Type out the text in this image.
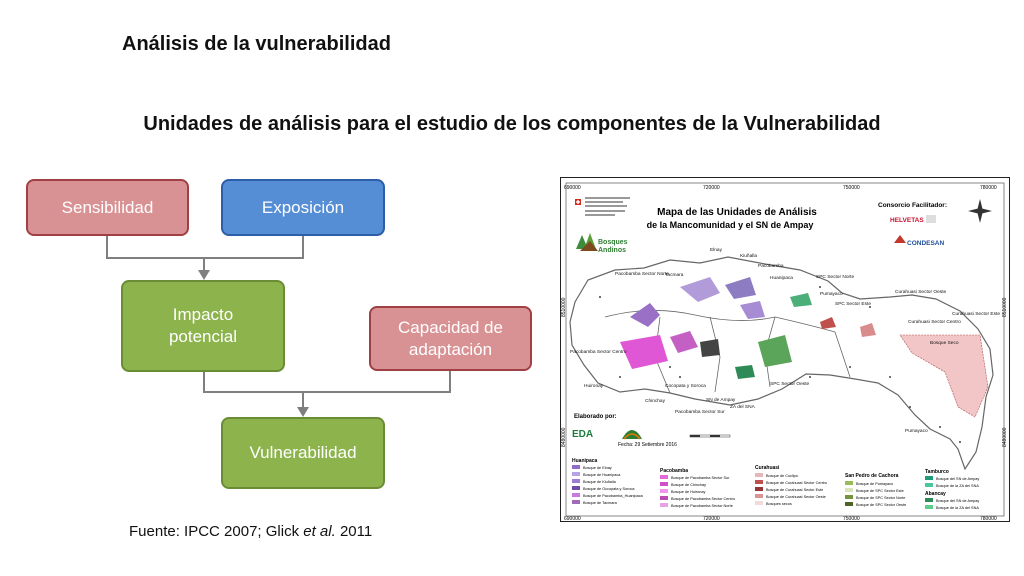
Análisis de la vulnerabilidad
Unidades de análisis para el estudio de los componentes de la Vulnerabilidad
Sensibilidad	Exposición
Impacto
potencial	Capacidad de
adaptación
Vulnerabilidad
Fuente: IPCC 2007; Glick et al. 2011
690000	720000	750000	780000
690000	720000	750000	780000
8510000
8480000
8510000
8480000
Bosques
Andinos
Mapa de las Unidades de Análisis
de la Mancomunidad y el SN de Ampay
Consorcio Facilitador:
HELVETAS
CONDESAN
Elnay
Kiuñalla
Pacobamba
Huanipaca
Tacmara
Pacobamba Sector Norte
SPC Sector Norte
Pumayaco
SPC Sector Este
Curahuasi Sector Oeste
Curahuasi Sector Este
Curahuasi Sector Centro
Bosque Seco
Pacobamba Sector Centro
Huironay
Chinchay
Pacobamba Sector Sur
Cocopata y Soroca
SN de Ampay
ZA del SNA
SPC Sector Oeste
Pumayaco
Elaborado por:
EDA
Fecha: 29 Setiembre 2016
Huanipaca
Bosque de Elnay
Bosque de Huanipaca
Bosque de Kiuñalla
Bosque de Occopata y Soroca
Bosque de Pacobamba_Huanipaca
Bosque de Tacmara
Pacobamba
Bosque de Pacobamba Sector Sur
Bosque de Chinchay
Bosque de Huironay
Bosque de Pacobamba Sector Centro
Bosque de Pacobamba Sector Norte
Curahuasi
Bosque de Cocllpo
Bosque de Curahuasi Sector Centro
Bosque de Curahuasi Sector Este
Bosque de Curahuasi Sector Oeste
Bosques secos
San Pedro de Cachora
Bosque de Pumayaco
Bosque de SPC Sector Este
Bosque de SPC Sector Norte
Bosque de SPC Sector Oeste
Tamburco
Bosque del SN de Ampay
Bosque de la ZA del SNA
Abancay
Bosque del SN de Ampay
Bosque de la ZA del SNA
